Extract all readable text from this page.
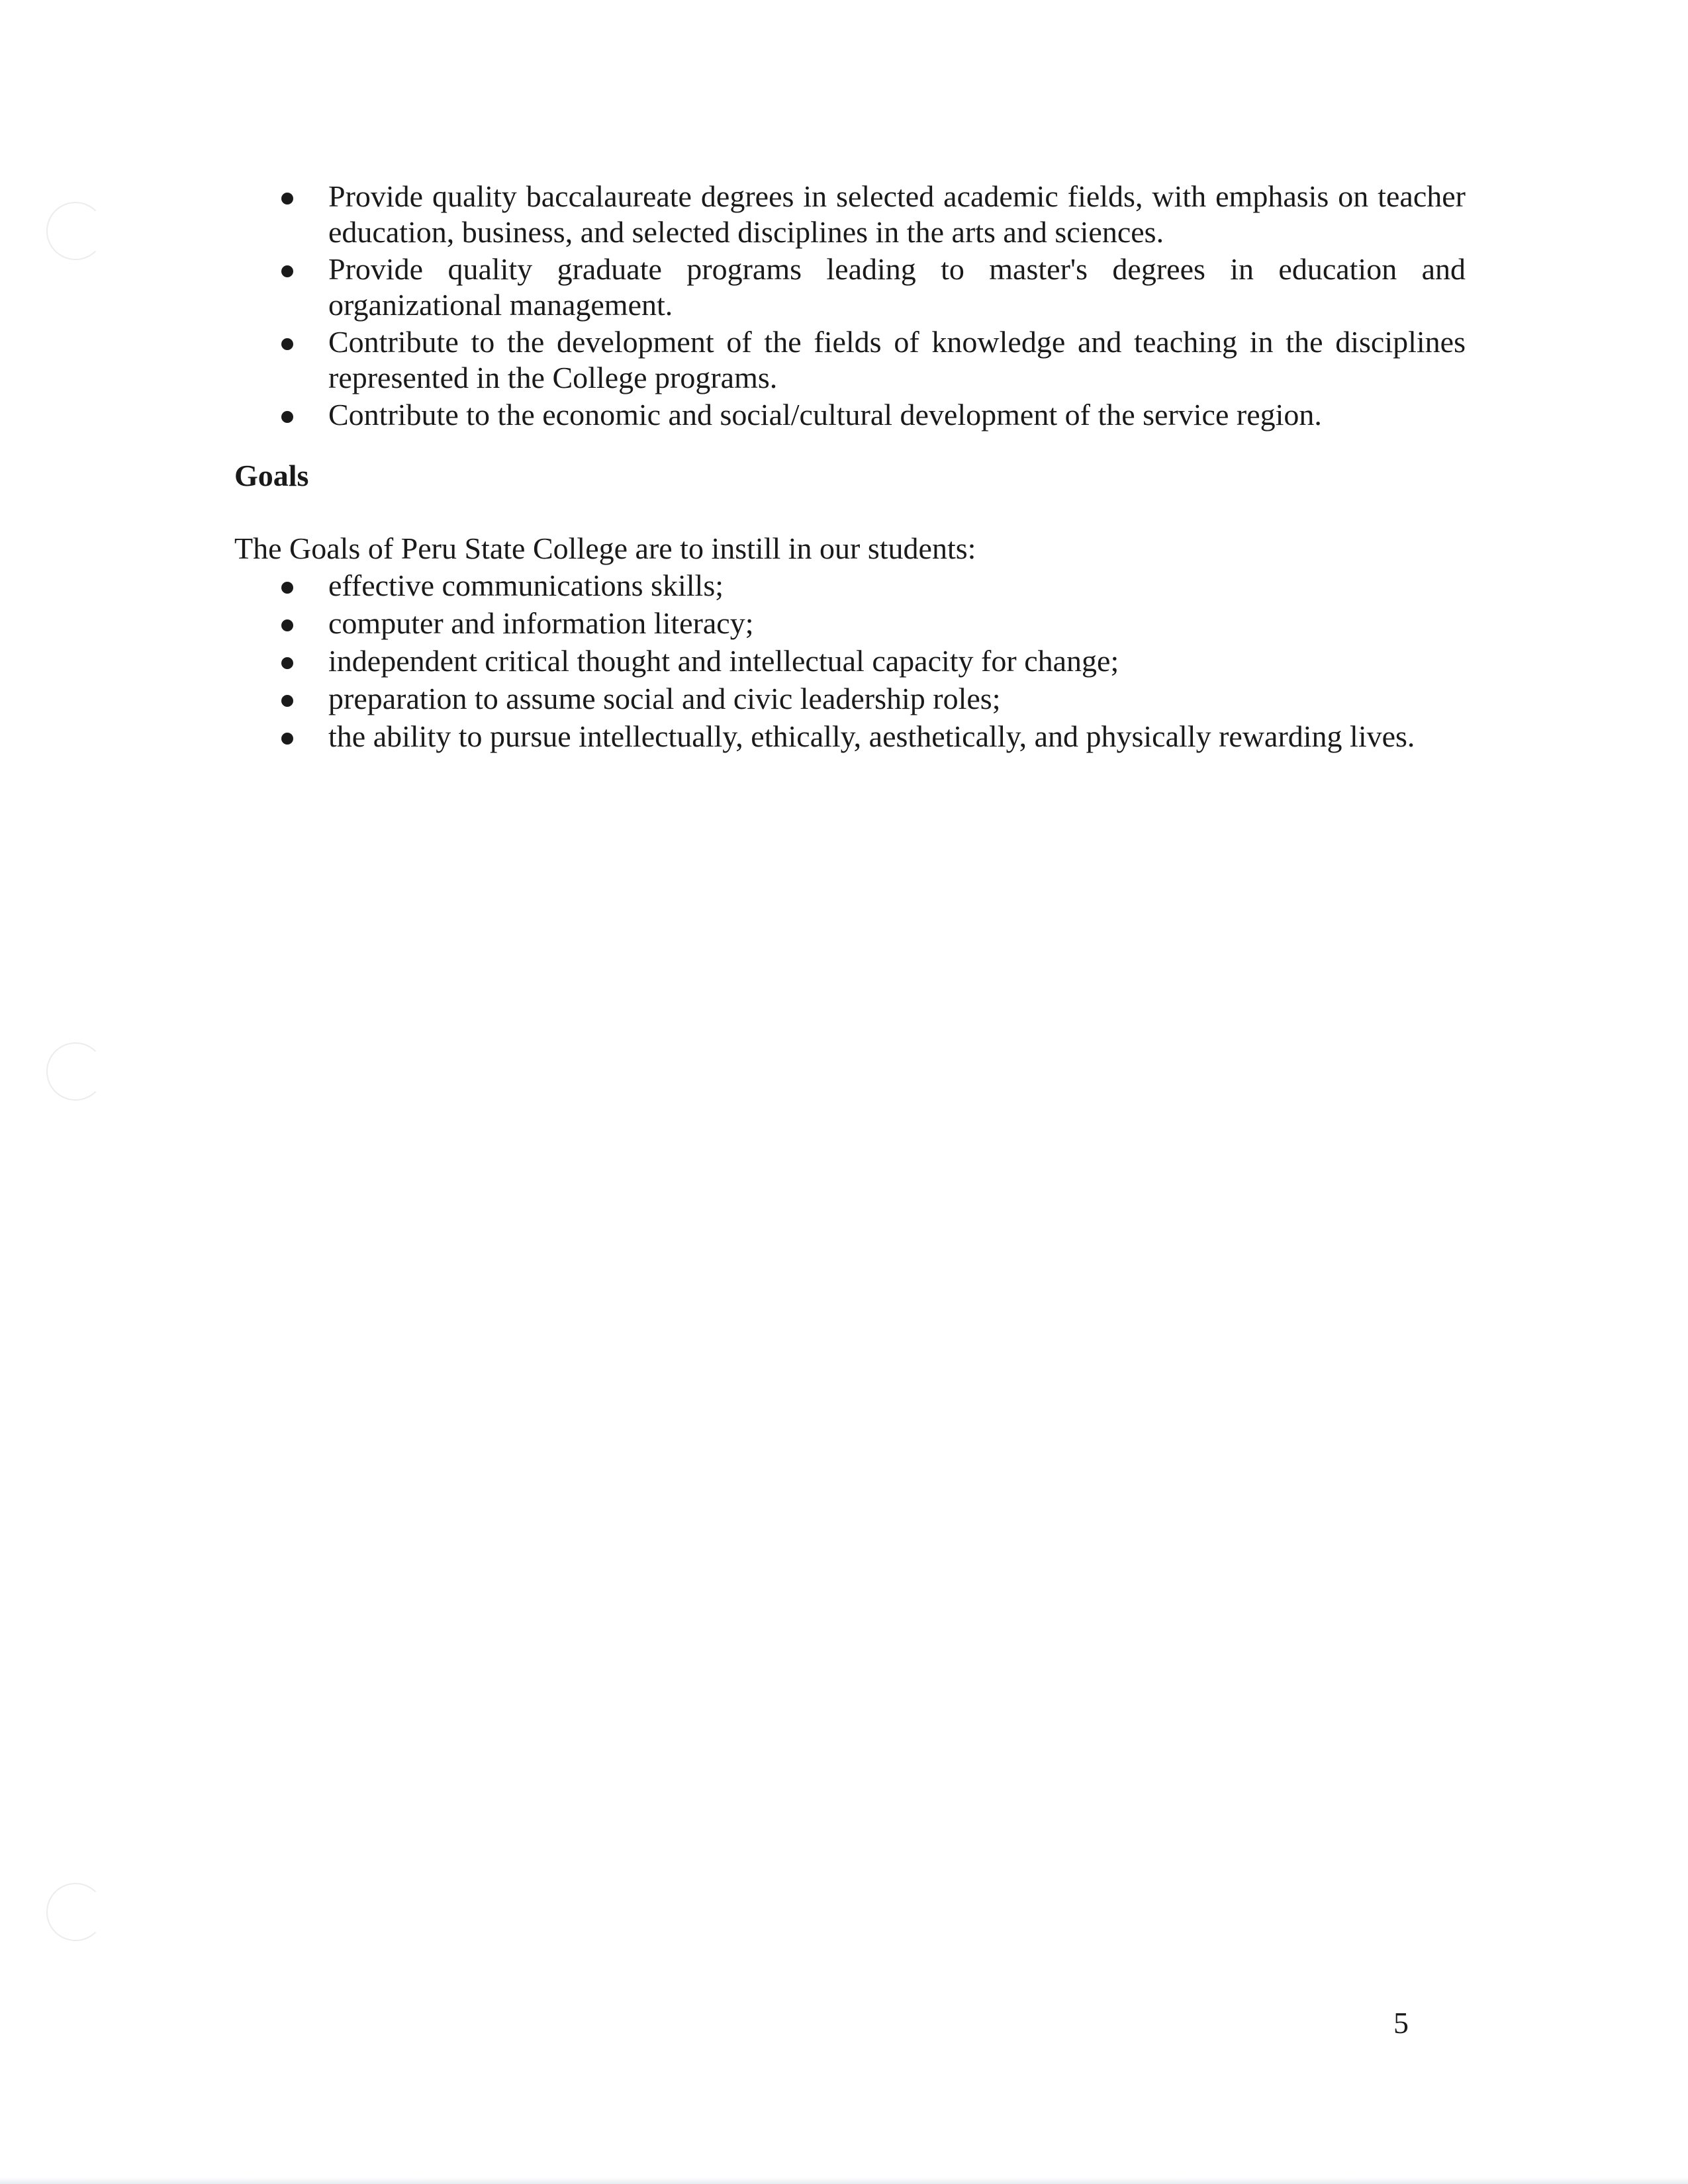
Provide quality baccalaureate degrees in selected academic fields, with emphasis on teacher education, business, and selected disciplines in the arts and sciences.
Provide quality graduate programs leading to master's degrees in education and organizational management.
Contribute to the development of the fields of knowledge and teaching in the disciplines represented in the College programs.
Contribute to the economic and social/cultural development of the service region.
Goals

The Goals of Peru State College are to instill in our students:

effective communications skills;
computer and information literacy;
independent critical thought and intellectual capacity for change;
preparation to assume social and civic leadership roles;
the ability to pursue intellectually, ethically, aesthetically, and physically rewarding lives.
5
